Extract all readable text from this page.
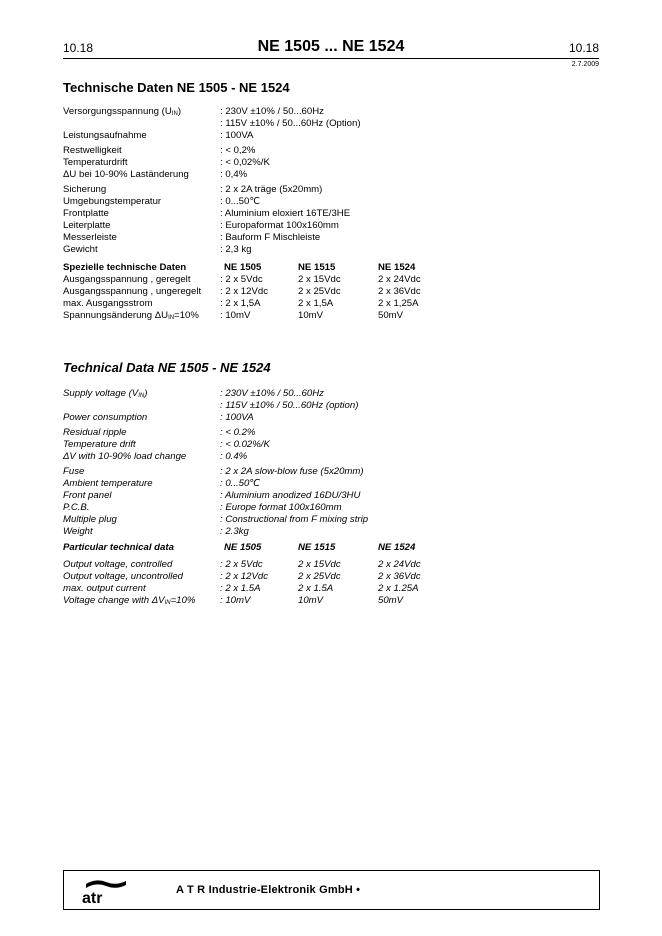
10.18	NE 1505 ... NE 1524	10.18
2.7.2009
Technische Daten NE 1505 - NE 1524
Versorgungsspannung $(U_{IN})$	: 230V ±10% / 50...60Hz
: 115V ±10% / 50...60Hz (Option)
Leistungsaufnahme	: 100VA
Restwelligkeit	: < 0,2%
Temperaturdrift	: < 0,02%/K
ΔU bei 10-90% Laständerung	: 0,4%
Sicherung	: 2 x 2A träge (5x20mm)
Umgebungstemperatur	: 0...50℃
Frontplatte	: Aluminium eloxiert 16TE/3HE
Leiterplatte	: Europaformat 100x160mm
Messerleiste	: Bauform F Mischleiste
Gewicht	: 2,3 kg
Spezielle technische Daten	NE 1505	NE 1515	NE 1524
Ausgangsspannung , geregelt	: 2 x 5Vdc	2 x 15Vdc	2 x 24Vdc
Ausgangsspannung , ungeregelt : 2 x 12Vdc	2 x 25Vdc	2 x 36Vdc
max. Ausgangsstrom	: 2 x 1,5A	2 x 1,5A	2 x 1,25A
Spannungsänderung $\Delta U_{IN}=10\%$ : 10mV	10mV	50mV
Technical Data NE 1505 - NE 1524
Supply voltage $(V_{IN})$	: 230V ±10% / 50...60Hz
: 115V ±10% / 50...60Hz (option)
Power consumption	: 100VA
Residual ripple	: < 0.2%
Temperature drift	: < 0.02%/K
ΔV with 10-90% load change	: 0.4%
Fuse	: 2 x 2A slow-blow fuse (5x20mm)
Ambient temperature	: 0...50℃
Front panel	: Aluminium anodized 16DU/3HU
P.C.B.	: Europe format 100x160mm
Multiple plug	: Constructional from F mixing strip
Weight	: 2.3kg
Particular technical data	NE 1505	NE 1515	NE 1524
Output voltage, controlled	: 2 x 5Vdc	2 x 15Vdc	2 x 24Vdc
Output voltage, uncontrolled	: 2 x 12Vdc	2 x 25Vdc	2 x 36Vdc
max. output current	: 2 x 1.5A	2 x 1.5A	2 x 1.25A
Voltage change with $\Delta V_{IN}=10\%$	: 10mV	10mV	50mV
atr	A T R Industrie-Elektronik GmbH •
